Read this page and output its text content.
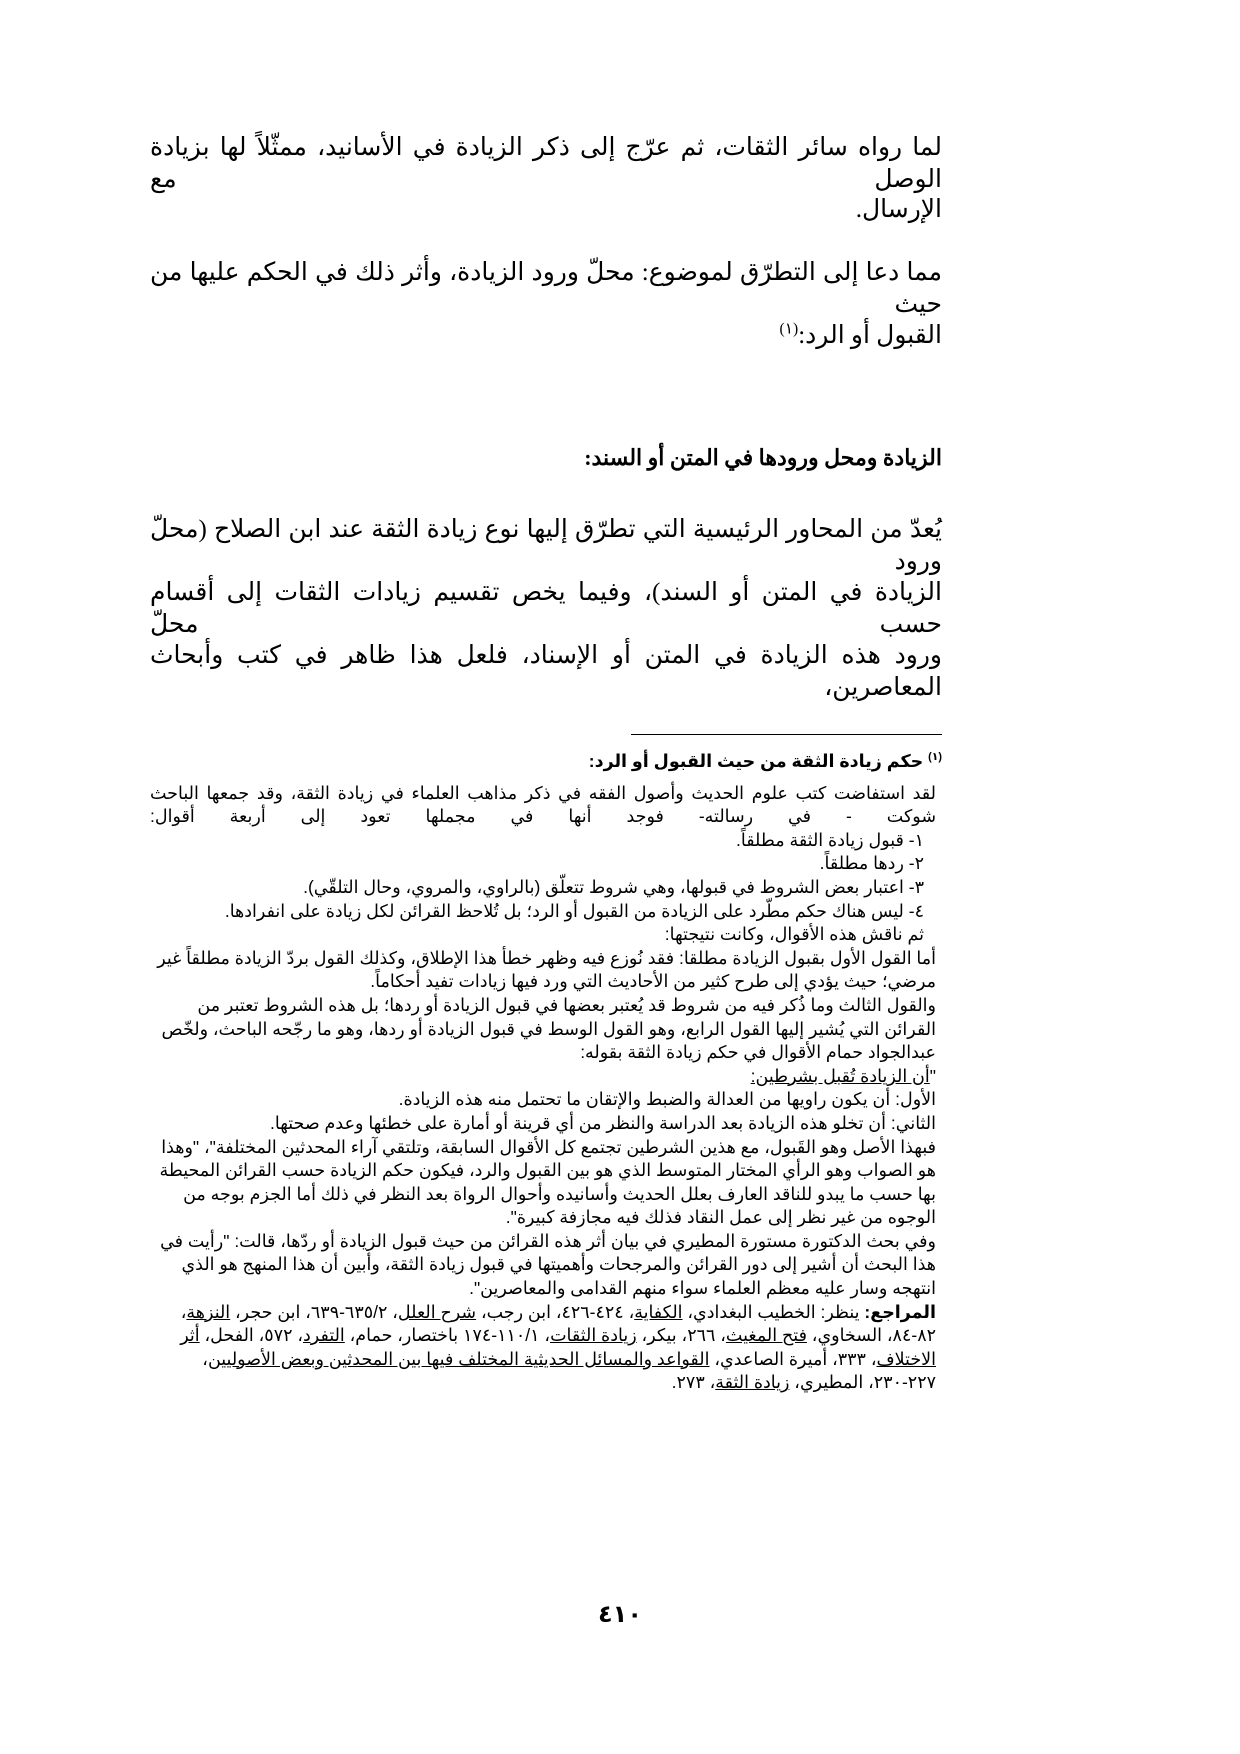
لما رواه سائر الثقات، ثم عرّج إلى ذكر الزيادة في الأسانيد، ممثّلاً لها بزيادة الوصل مع
الإرسال.
مما دعا إلى التطرّق لموضوع: محلّ ورود الزيادة، وأثر ذلك في الحكم عليها من حيث
القبول أو الرد:$^{(١)}$
الزيادة ومحل ورودها في المتن أو السند:
يُعدّ من المحاور الرئيسية التي تطرّق إليها نوع زيادة الثقة عند ابن الصلاح (محلّ ورود
الزيادة في المتن أو السند)، وفيما يخص تقسيم زيادات الثقات إلى أقسام حسب محلّ
ورود هذه الزيادة في المتن أو الإسناد، فلعل هذا ظاهر في كتب وأبحاث المعاصرين،

$^{(١)}$ حكم زيادة الثقة من حيث القبول أو الرد:

لقد استفاضت كتب علوم الحديث وأصول الفقه في ذكر مذاهب العلماء في زيادة الثقة، وقد جمعها الباحث شوكت - في رسالته- فوجد أنها في مجملها تعود إلى أربعة أقوال:

١- قبول زيادة الثقة مطلقاً.

٢- ردها مطلقاً.

٣- اعتبار بعض الشروط في قبولها، وهي شروط تتعلّق (بالراوي، والمروي، وحال التلقّي).

٤- ليس هناك حكم مطّرد على الزيادة من القبول أو الرد؛ بل تُلاحظ القرائن لكل زيادة على انفرادها.

ثم ناقش هذه الأقوال، وكانت نتيجتها:

أما القول الأول بقبول الزيادة مطلقا: فقد نُوزع فيه وظهر خطأ هذا الإطلاق، وكذلك القول بردّ الزيادة مطلقاً غير مرضي؛ حيث يؤدي إلى طرح كثير من الأحاديث التي ورد فيها زيادات تفيد أحكاماً.

والقول الثالث وما ذُكر فيه من شروط قد يُعتبر بعضها في قبول الزيادة أو ردها؛ بل هذه الشروط تعتبر من القرائن التي يُشير إليها القول الرابع، وهو القول الوسط في قبول الزيادة أو ردها، وهو ما رجّحه الباحث، ولخّص عبدالجواد حمام الأقوال في حكم زيادة الثقة بقوله:

"أن الزيادة تُقبل بشرطين:

الأول: أن يكون راويها من العدالة والضبط والإتقان ما تحتمل منه هذه الزيادة.

الثاني: أن تخلو هذه الزيادة بعد الدراسة والنظر من أي قرينة أو أمارة على خطئها وعدم صحتها.

فبهذا الأصل وهو القَبول، مع هذين الشرطين تجتمع كل الأقوال السابقة، وتلتقي آراء المحدثين المختلفة"، "وهذا هو الصواب وهو الرأي المختار المتوسط الذي هو بين القبول والرد، فيكون حكم الزيادة حسب القرائن المحيطة بها حسب ما يبدو للناقد العارف بعلل الحديث وأسانيده وأحوال الرواة بعد النظر في ذلك أما الجزم بوجه من الوجوه من غير نظر إلى عمل النقاد فذلك فيه مجازفة كبيرة".

وفي بحث الدكتورة مستورة المطيري في بيان أثر هذه القرائن من حيث قبول الزيادة أو ردّها، قالت: "رأيت في هذا البحث أن أشير إلى دور القرائن والمرجحات وأهميتها في قبول زيادة الثقة، وأبين أن هذا المنهج هو الذي انتهجه وسار عليه معظم العلماء سواء منهم القدامى والمعاصرين".

المراجع: ينظر: الخطيب البغدادي، الكفاية، ٤٢٤-٤٢٦، ابن رجب، شرح العلل، ٦٣٥/٢-٦٣٩، ابن حجر، النزهة، ٨٢-٨٤، السخاوي، فتح المغيث، ٢٦٦، بيكر، زيادة الثقات، ١١٠/١-١٧٤ باختصار، حمام، التفرد، ٥٧٢، الفحل، أثر الاختلاف، ٣٣٣، أميرة الصاعدي، القواعد والمسائل الحديثية المختلف فيها بين المحدثين وبعض الأصوليين، ٢٢٧-٢٣٠، المطيري، زيادة الثقة، ٢٧٣.

٤١٠
